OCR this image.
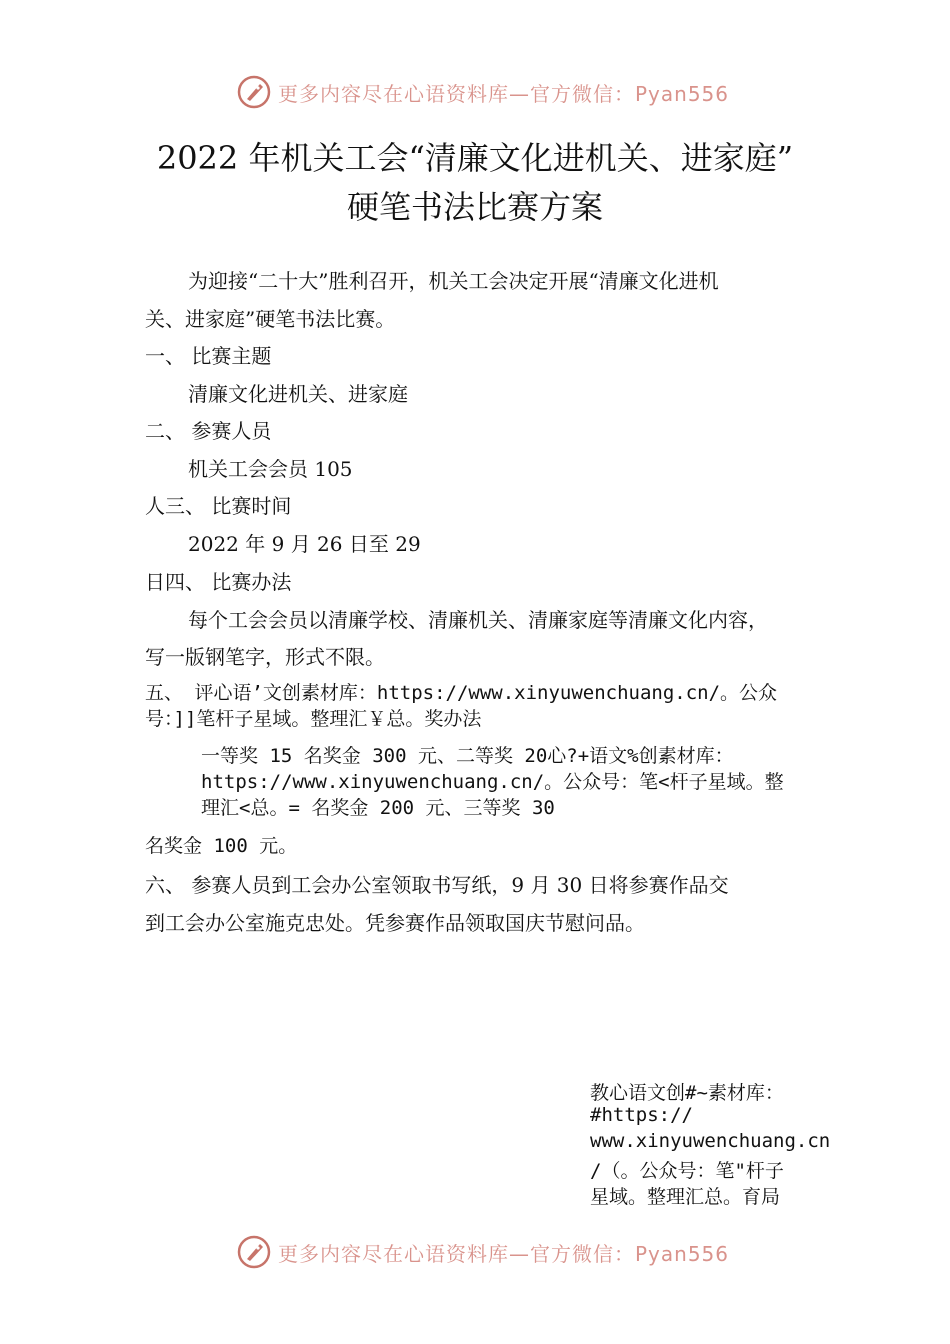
更多内容尽在心语资料库—官方微信：Pyan556
2022 年机关工会“清廉文化进机关、进家庭”
硬笔书法比赛方案
为迎接“二十大”胜利召开，机关工会决定开展“清廉文化进机
关、进家庭”硬笔书法比赛。
一、 比赛主题
清廉文化进机关、进家庭
二、 参赛人员
机关工会会员 105
人三、 比赛时间
2022 年 9 月 26 日至 29
日四、 比赛办法
每个工会会员以清廉学校、清廉机关、清廉家庭等清廉文化内容，
写一版钢笔字，形式不限。
五、 评心语’文创素材库：https://www.xinyuwenchuang.cn/。公众
号：]]笔杆子星域。整理汇￥总。奖办法
一等奖 15 名奖金 300 元、二等奖 20心?+语文%创素材库：
https://www.xinyuwenchuang.cn/。公众号：笔<杆子星域。整
理汇<总。= 名奖金 200 元、三等奖 30
名奖金 100 元。
六、 参赛人员到工会办公室领取书写纸，9 月 30 日将参赛作品交
到工会办公室施克忠处。凭参赛作品领取国庆节慰问品。
教心语文创#~素材库：
#https://
www.xinyuwenchuang.cn
/（。公众号：笔"杆子
星域。整理汇总。育局
更多内容尽在心语资料库—官方微信：Pyan556
